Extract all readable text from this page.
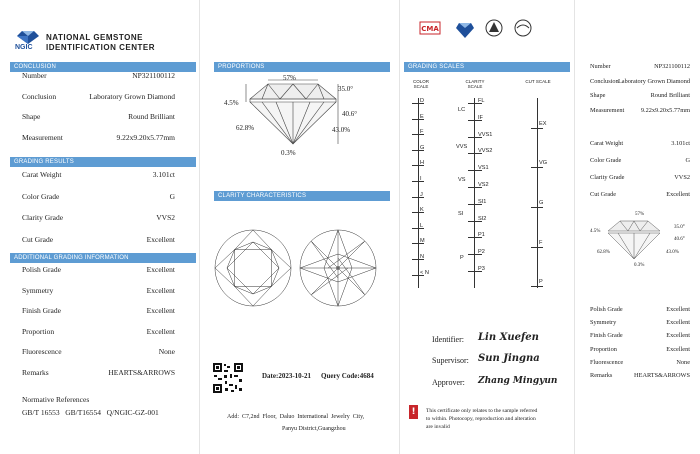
NGIC
NATIONAL GEMSTONE
IDENTIFICATION CENTER
CONCLUSION
Number	NP321100112
Conclusion	Laboratory Grown Diamond
Shape	Round Brilliant
Measurement	9.22x9.20x5.77mm
GRADING RESULTS
Carat Weight	3.101ct
Color Grade	G
Clarity Grade	VVS2
Cut Grade	Excellent
ADDITIONAL GRADING INFORMATION
Polish Grade	Excellent
Symmetry	Excellent
Finish Grade	Excellent
Proportion	Excellent
Fluorescence	None
Remarks	HEARTS&ARROWS
Normative References
GB/T 16553   GB/T16554   Q/NGIC-GZ-001
PROPORTIONS
57%
35.0°
4.5%
40.6°
62.8%	43.0%
0.3%
CLARITY CHARACTERISTICS
Date:2023-10-21 Query Code:4684
Add:  C7,2nd  Floor,  Daluo  International  Jewelry  City,
Panyu District,Guangzhou
CMA
GRADING SCALES
COLOR SCALE
CLARITY SCALE
CUT SCALE
D
E
F
G
H
I
J
K
L
M
N
< N
LC
VVS
VS
SI
P
FL
IF
VVS1
VVS2
VS1
VS2
SI1
SI2
P1
P2
P3
EX
VG
G
F
P
Identifier: Lin Xuefen
Supervisor: Sun Jingna
Approver: Zhang Mingyun
!	This certificate only relates to the sample referred
to within. Photocopy, reproduction and alteration
are invalid
Number	NP321100112
Conclusion Laboratory Grown Diamond
Shape	Round Brilliant
Measurement	9.22x9.20x5.77mm
Carat Weight	3.101ct
Color Grade	G
Clarity Grade	VVS2
Cut Grade	Excellent
57%
35.0°
4.5%
40.6°
62.8%	43.0%
0.3%
Polish Grade	Excellent
Symmetry	Excellent
Finish Grade	Excellent
Proportion	Excellent
Fluorescence	None
Remarks	HEARTS&ARROWS
